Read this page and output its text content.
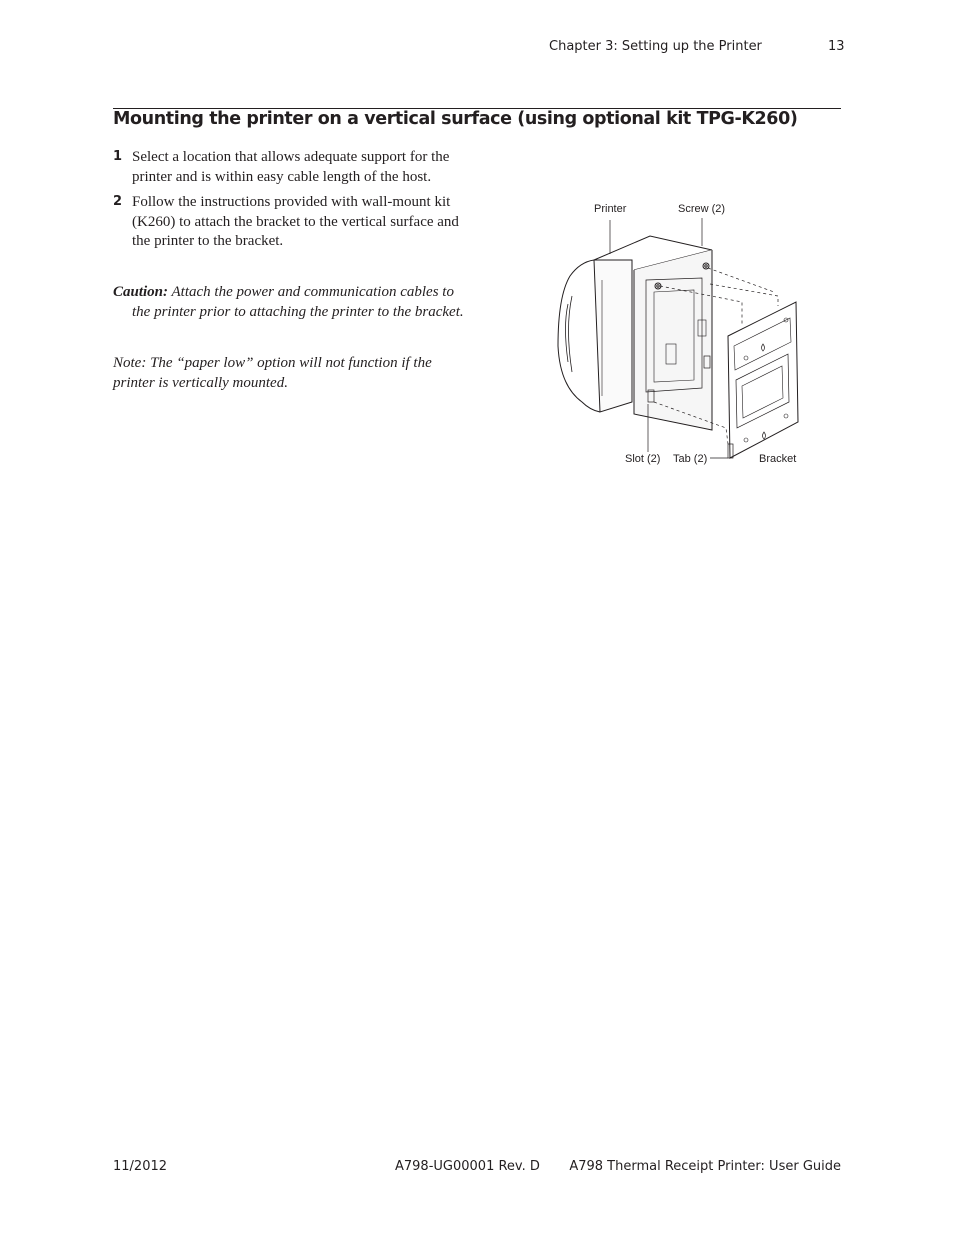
Chapter 3: Setting up the Printer	13
Mounting the printer on a vertical surface (using optional kit TPG-K260)
1 Select a location that allows adequate support for the printer and is within easy cable length of the host.
2 Follow the instructions provided with wall-mount kit (K260) to attach the bracket to the vertical surface and the printer to the bracket.
Caution: Attach the power and communication cables to
the printer prior to attaching the printer to the bracket.
Note: The “paper low” option will not function if the printer is vertically mounted.
Printer	Screw (2)
Slot (2) Tab (2)	Bracket
11/2012	A798-UG00001 Rev. D A798 Thermal Receipt Printer: User Guide
